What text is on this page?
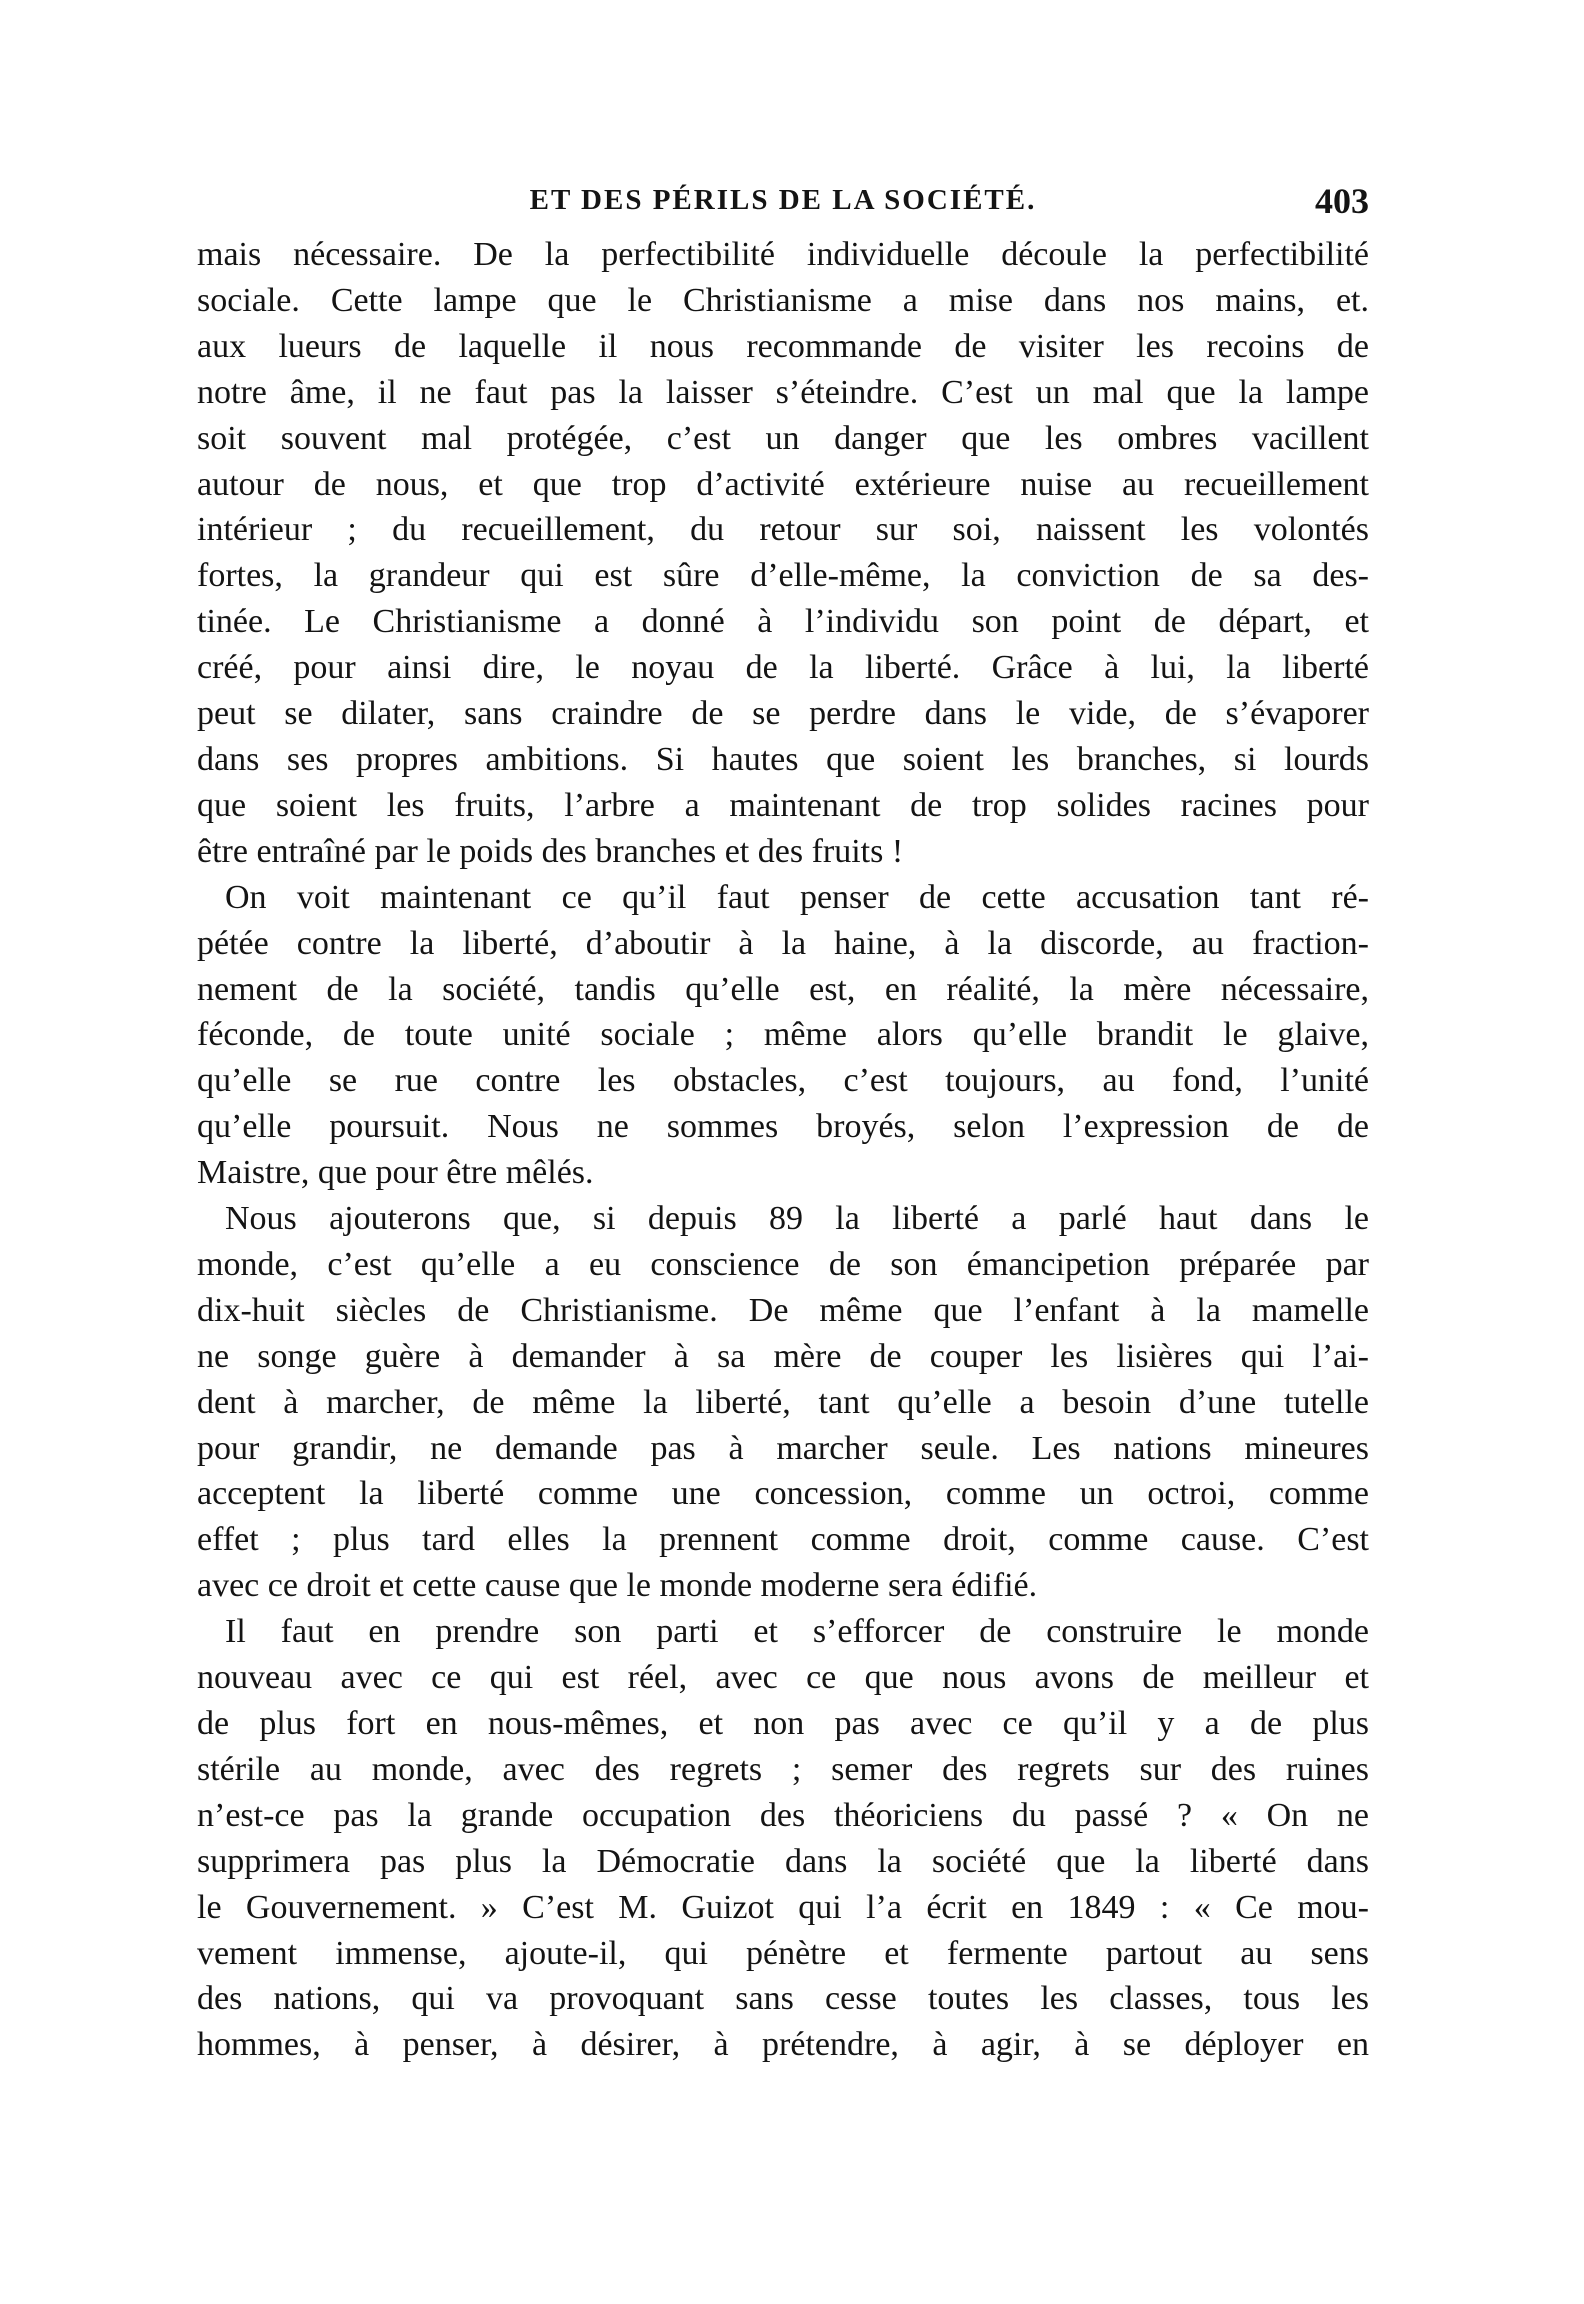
ET DES PÉRILS DE LA SOCIÉTÉ.	403
mais nécessaire. De la perfectibilité individuelle découle la perfectibilité
sociale. Cette lampe que le Christianisme a mise dans nos mains, et.
aux lueurs de laquelle il nous recommande de visiter les recoins de
notre âme, il ne faut pas la laisser s’éteindre. C’est un mal que la lampe
soit souvent mal protégée, c’est un danger que les ombres vacillent
autour de nous, et que trop d’activité extérieure nuise au recueillement
intérieur ; du recueillement, du retour sur soi, naissent les volontés
fortes, la grandeur qui est sûre d’elle-même, la conviction de sa des-
tinée. Le Christianisme a donné à l’individu son point de départ, et
créé, pour ainsi dire, le noyau de la liberté. Grâce à lui, la liberté
peut se dilater, sans craindre de se perdre dans le vide, de s’évaporer
dans ses propres ambitions. Si hautes que soient les branches, si lourds
que soient les fruits, l’arbre a maintenant de trop solides racines pour
être entraîné par le poids des branches et des fruits !
On voit maintenant ce qu’il faut penser de cette accusation tant ré-
pétée contre la liberté, d’aboutir à la haine, à la discorde, au fraction-
nement de la société, tandis qu’elle est, en réalité, la mère nécessaire,
féconde, de toute unité sociale ; même alors qu’elle brandit le glaive,
qu’elle se rue contre les obstacles, c’est toujours, au fond, l’unité
qu’elle poursuit. Nous ne sommes broyés, selon l’expression de de
Maistre, que pour être mêlés.
Nous ajouterons que, si depuis 89 la liberté a parlé haut dans le
monde, c’est qu’elle a eu conscience de son émancipetion préparée par
dix-huit siècles de Christianisme. De même que l’enfant à la mamelle
ne songe guère à demander à sa mère de couper les lisières qui l’ai-
dent à marcher, de même la liberté, tant qu’elle a besoin d’une tutelle
pour grandir, ne demande pas à marcher seule. Les nations mineures
acceptent la liberté comme une concession, comme un octroi, comme
effet ; plus tard elles la prennent comme droit, comme cause. C’est
avec ce droit et cette cause que le monde moderne sera édifié.
Il faut en prendre son parti et s’efforcer de construire le monde
nouveau avec ce qui est réel, avec ce que nous avons de meilleur et
de plus fort en nous-mêmes, et non pas avec ce qu’il y a de plus
stérile au monde, avec des regrets ; semer des regrets sur des ruines
n’est-ce pas la grande occupation des théoriciens du passé ? « On ne
supprimera pas plus la Démocratie dans la société que la liberté dans
le Gouvernement. » C’est M. Guizot qui l’a écrit en 1849 : « Ce mou-
vement immense, ajoute-il, qui pénètre et fermente partout au sens
des nations, qui va provoquant sans cesse toutes les classes, tous les
hommes, à penser, à désirer, à prétendre, à agir, à se déployer en
